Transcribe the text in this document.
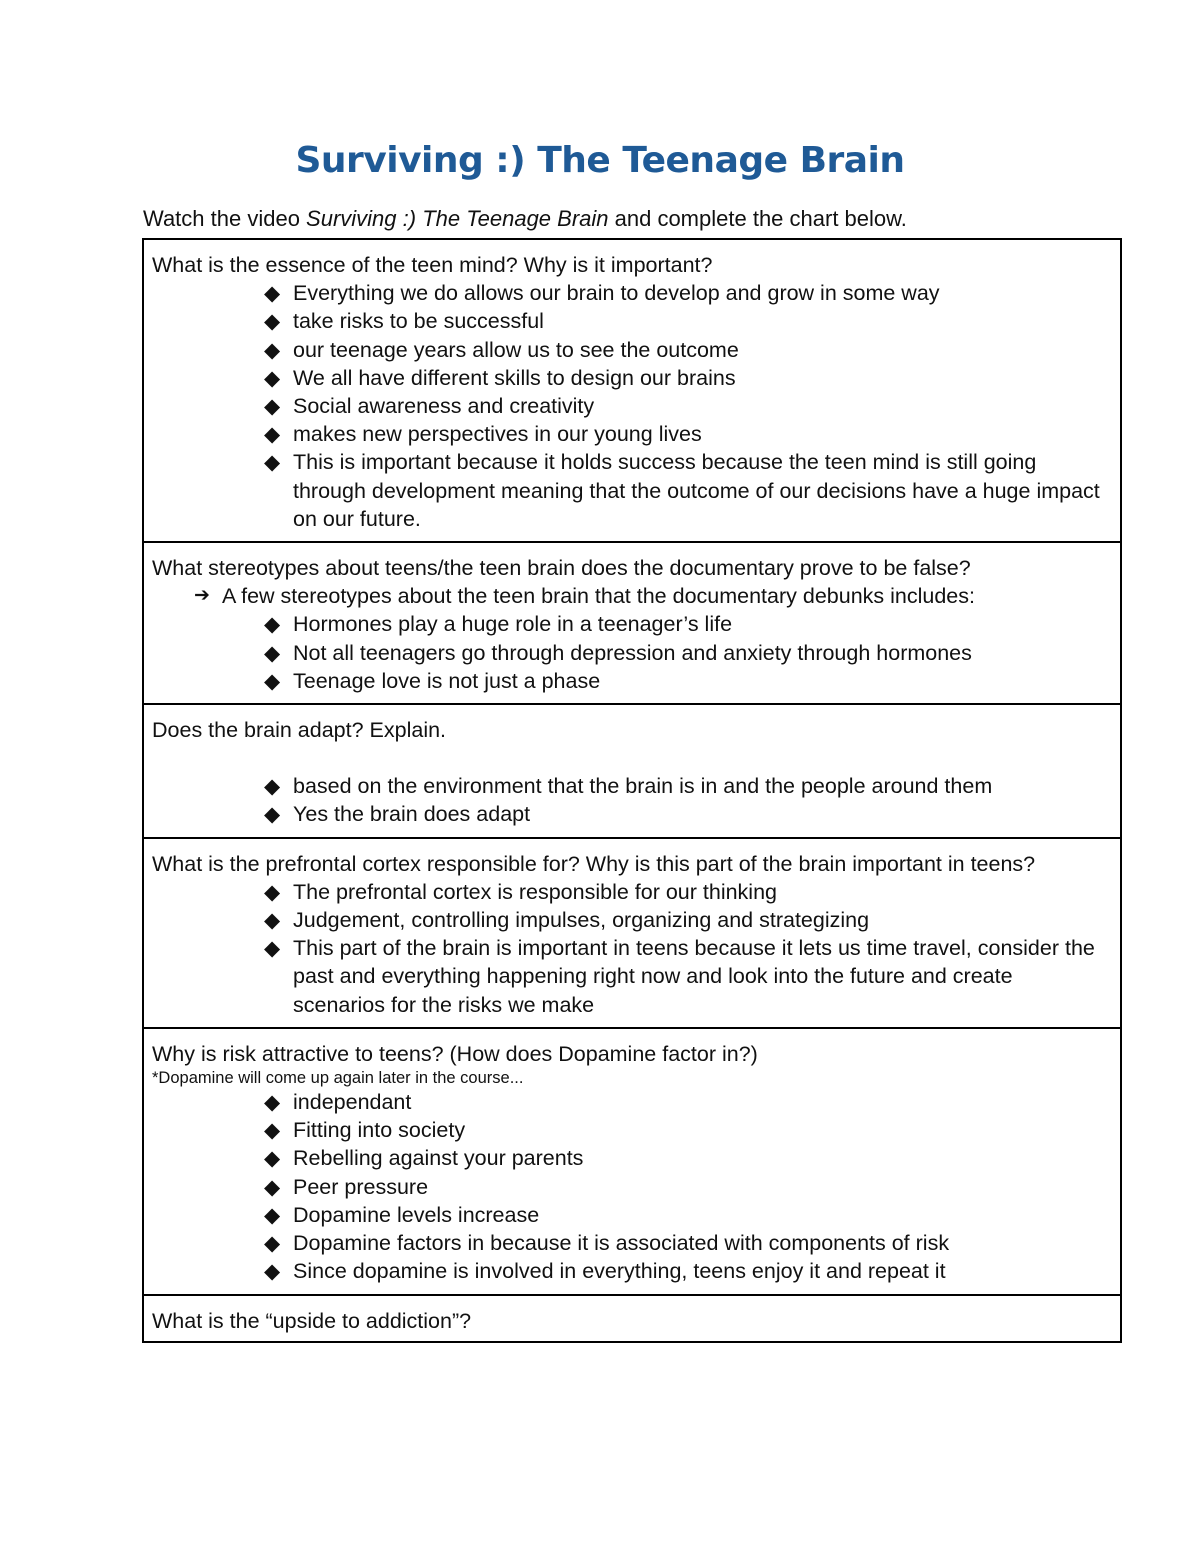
Surviving :) The Teenage Brain
Watch the video Surviving :) The Teenage Brain and complete the chart below.
What is the essence of the teen mind? Why is it important?
◆ Everything we do allows our brain to develop and grow in some way
◆ take risks to be successful
◆ our teenage years allow us to see the outcome
◆ We all have different skills to design our brains
◆ Social awareness and creativity
◆ makes new perspectives in our young lives
◆ This is important because it holds success because the teen mind is still going through development meaning that the outcome of our decisions have a huge impact on our future.
What stereotypes about teens/the teen brain does the documentary prove to be false?
➔ A few stereotypes about the teen brain that the documentary debunks includes:
◆ Hormones play a huge role in a teenager’s life
◆ Not all teenagers go through depression and anxiety through hormones
◆ Teenage love is not just a phase
Does the brain adapt? Explain.
◆ based on the environment that the brain is in and the people around them
◆ Yes the brain does adapt
What is the prefrontal cortex responsible for? Why is this part of the brain important in teens?
◆ The prefrontal cortex is responsible for our thinking
◆ Judgement, controlling impulses, organizing and strategizing
◆ This part of the brain is important in teens because it lets us time travel, consider the past and everything happening right now and look into the future and create scenarios for the risks we make
Why is risk attractive to teens? (How does Dopamine factor in?)
*Dopamine will come up again later in the course...
◆ independant
◆ Fitting into society
◆ Rebelling against your parents
◆ Peer pressure
◆ Dopamine levels increase
◆ Dopamine factors in because it is associated with components of risk
◆ Since dopamine is involved in everything, teens enjoy it and repeat it
What is the “upside to addiction”?
